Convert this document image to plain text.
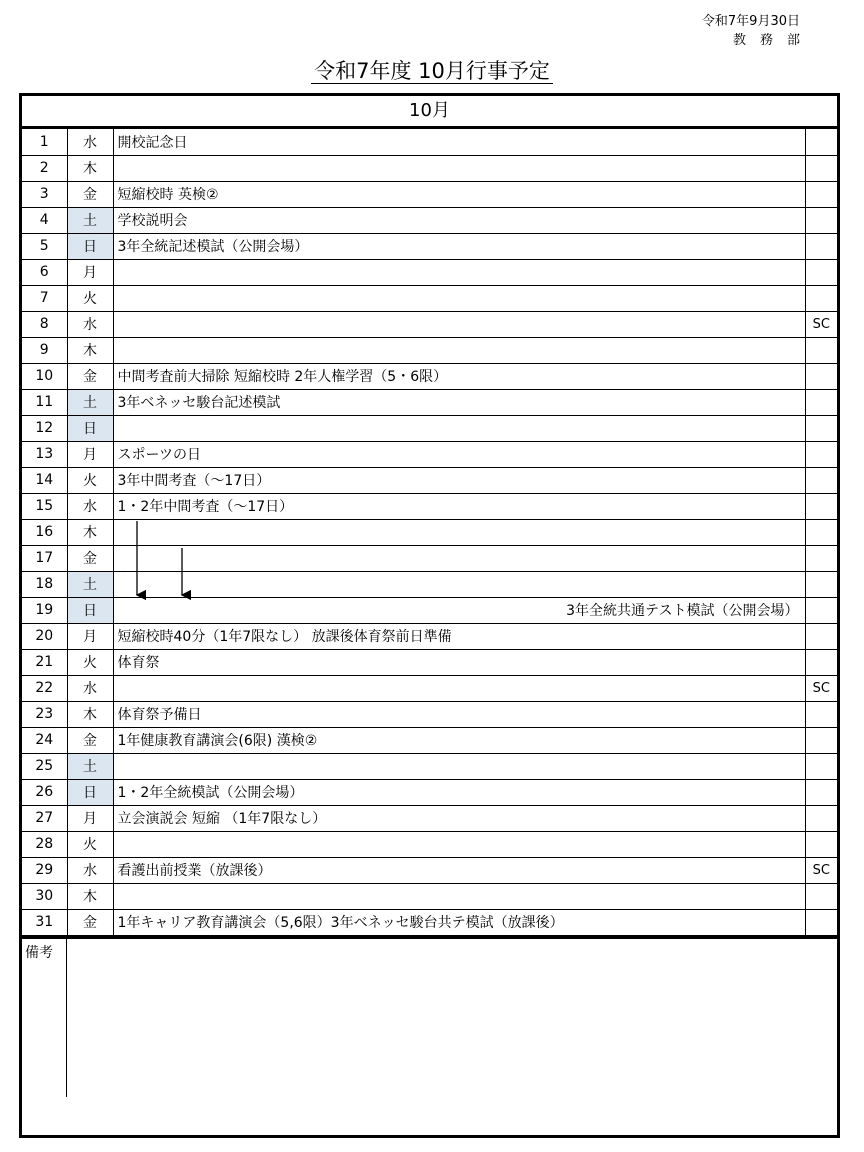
令和7年9月30日
教務部
令和7年度 10月行事予定
10月
1	水	開校記念日	
2	木		
3	金	短縮校時 英検②	
4	土	学校説明会	
5	日	3年全統記述模試（公開会場）	
6	月		
7	火		
8	水		SC
9	木		
10	金	中間考査前大掃除 短縮校時 2年人権学習（5・6限）	
11	土	3年ベネッセ駿台記述模試	
12	日		
13	月	スポーツの日	
14	火	3年中間考査（～17日）	
15	水	1・2年中間考査（～17日）	
16	木		
17	金		
18	土		
19	日	3年全統共通テスト模試（公開会場）	
20	月	短縮校時40分（1年7限なし） 放課後体育祭前日準備	
21	火	体育祭	
22	水		SC
23	木	体育祭予備日	
24	金	1年健康教育講演会(6限) 漢検②	
25	土		
26	日	1・2年全統模試（公開会場）	
27	月	立会演説会 短縮 （1年7限なし）	
28	火		
29	水	看護出前授業（放課後）	SC
30	木		
31	金	1年キャリア教育講演会（5,6限）3年ベネッセ駿台共テ模試（放課後）	
備考
